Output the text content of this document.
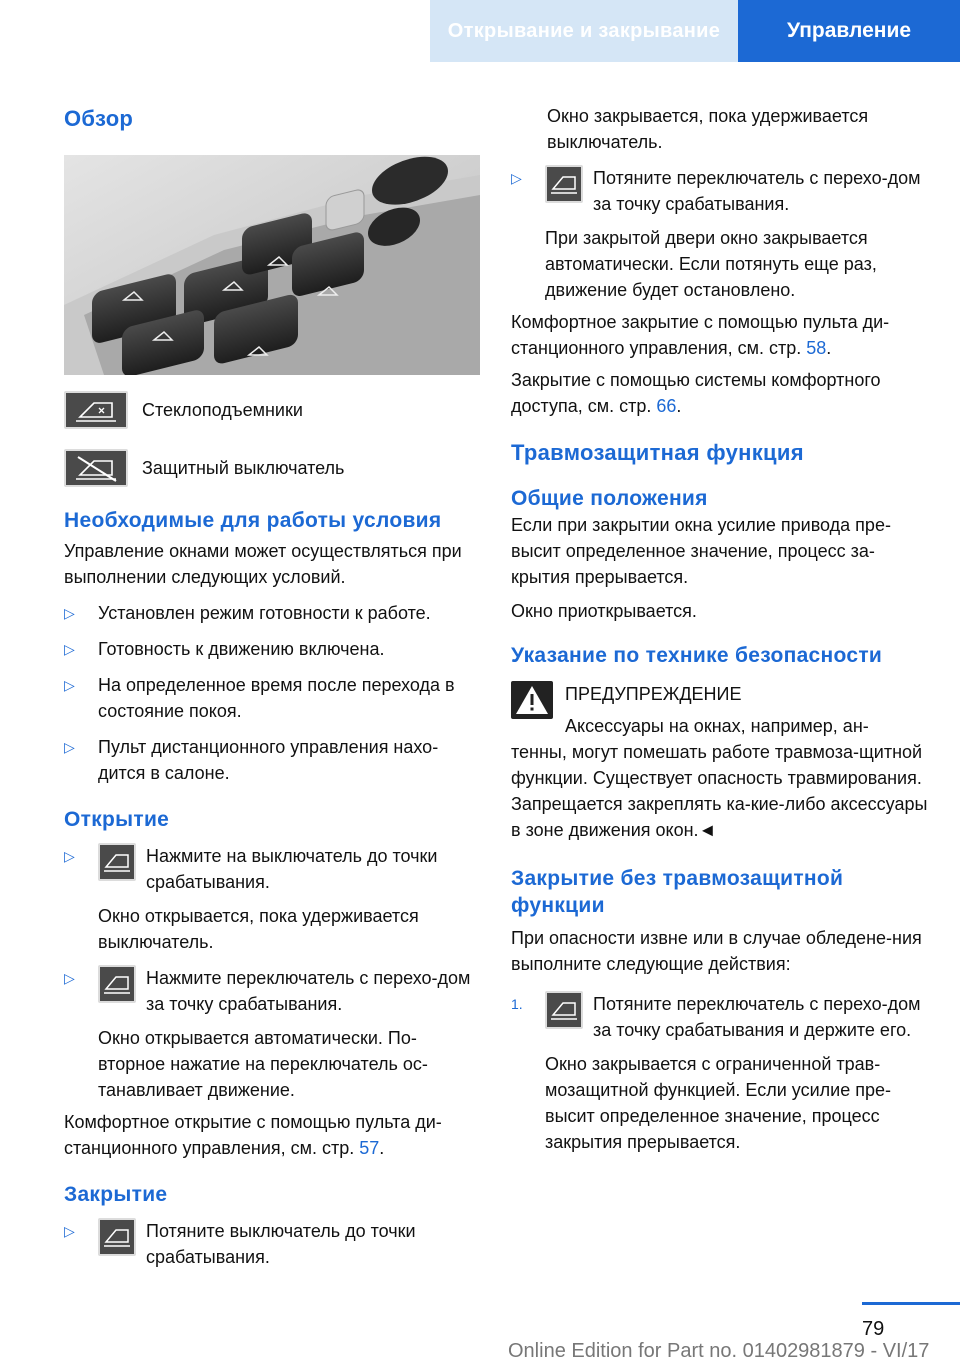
Открывание и закрывание	Управление
Обзор
Стеклоподъемники
Защитный выключатель
Необходимые для работы условия
Управление окнами может осуществляться при выполнении следующих условий.
▷	Установлен режим готовности к работе.
▷	Готовность к движению включена.
▷	На определенное время после перехода в состояние покоя.
▷	Пульт дистанционного управления нахо-дится в салоне.
Открытие
▷	Нажмите на выключатель до точки срабатывания.
Окно открывается, пока удерживается выключатель.
▷	Нажмите переключатель с перехо-дом за точку срабатывания.
Окно открывается автоматически. По-вторное нажатие на переключатель ос-танавливает движение.
Комфортное открытие с помощью пульта ди-станционного управления, см. стр. 57.
Закрытие
▷	Потяните выключатель до точки срабатывания.
Окно закрывается, пока удерживается выключатель.
▷	Потяните переключатель с перехо-дом за точку срабатывания.
При закрытой двери окно закрывается автоматически. Если потянуть еще раз, движение будет остановлено.
Комфортное закрытие с помощью пульта ди-станционного управления, см. стр. 58.
Закрытие с помощью системы комфортного доступа, см. стр. 66.
Травмозащитная функция
Общие положения
Если при закрытии окна усилие привода пре-высит определенное значение, процесс за-крытия прерывается.
Окно приоткрывается.
Указание по технике безопасности
ПРЕДУПРЕЖДЕНИЕ
Аксессуары на окнах, например, ан-
тенны, могут помешать работе травмоза-щитной функции. Существует опасность травмирования. Запрещается закреплять ка-кие-либо аксессуары в зоне движения окон.◄
Закрытие без травмозащитной функции
При опасности извне или в случае обледене-ния выполните следующие действия:
1.	Потяните переключатель с перехо-дом за точку срабатывания и держите его.
Окно закрывается с ограниченной трав-мозащитной функцией. Если усилие пре-высит определенное значение, процесс закрытия прерывается.
79
Online Edition for Part no. 01402981879 - VI/17
